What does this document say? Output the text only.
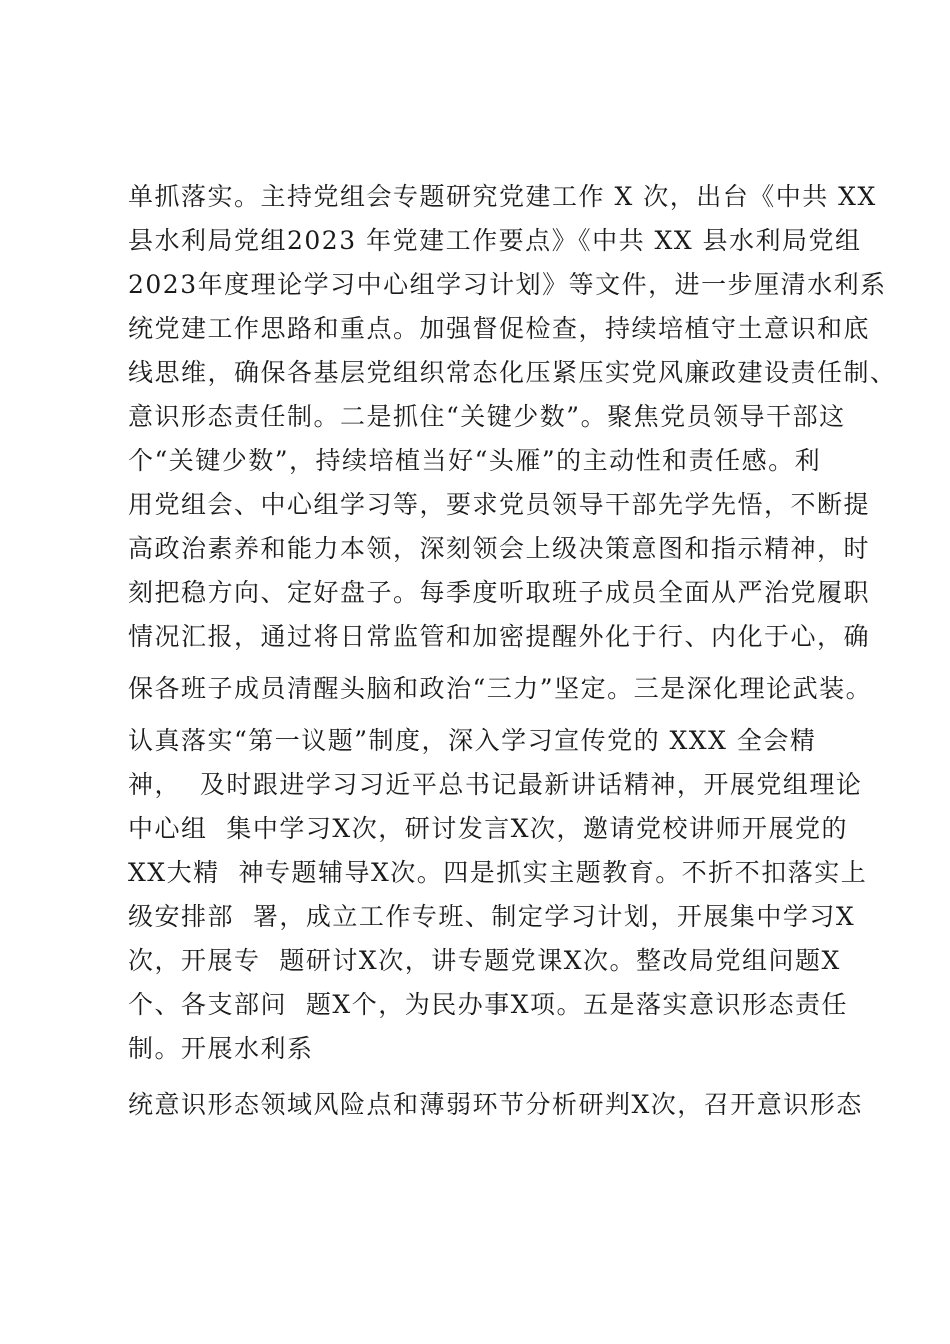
单抓落实。主持党组会专题研究党建工作 X 次，出台《中共 XX
县水利局党组2023 年党建工作要点》《中共 XX 县水利局党组
2023年度理论学习中心组学习计划》等文件，进一步厘清水利系
统党建工作思路和重点。加强督促检查，持续培植守土意识和底
线思维，确保各基层党组织常态化压紧压实党风廉政建设责任制、
意识形态责任制。二是抓住“关键少数”。聚焦党员领导干部这
个“关键少数”，持续培植当好“头雁”的主动性和责任感。利
用党组会、中心组学习等，要求党员领导干部先学先悟，不断提
高政治素养和能力本领，深刻领会上级决策意图和指示精神，时
刻把稳方向、定好盘子。每季度听取班子成员全面从严治党履职
情况汇报，通过将日常监管和加密提醒外化于行、内化于心，确
保各班子成员清醒头脑和政治“三力”坚定。三是深化理论武装。
认真落实“第一议题”制度，深入学习宣传党的 XXX 全会精
神，  及时跟进学习习近平总书记最新讲话精神，开展党组理论
中心组  集中学习X次，研讨发言X次，邀请党校讲师开展党的
XX大精  神专题辅导X次。四是抓实主题教育。不折不扣落实上
级安排部  署，成立工作专班、制定学习计划，开展集中学习X
次，开展专  题研讨X次，讲专题党课X次。整改局党组问题X
个、各支部问  题X个，为民办事X项。五是落实意识形态责任
制。开展水利系
统意识形态领域风险点和薄弱环节分析研判X次，召开意识形态
